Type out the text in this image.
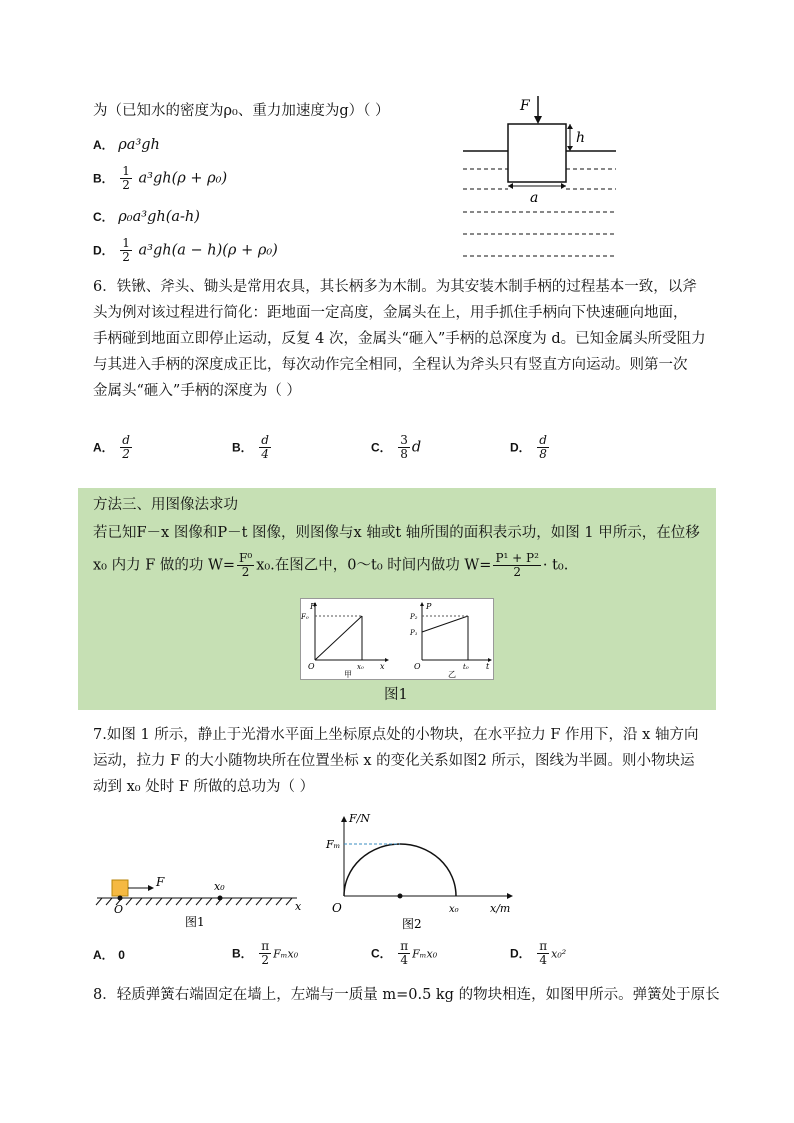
为（已知水的密度为ρ₀、重力加速度为g）（ ）
A． ρa³gh
B． $\frac{1}{2} a^3gh(\rho + \rho_0)$
C． ρ₀a³gh(a-h)
D． $\frac{1}{2} a^3gh(a - h)(\rho + \rho_0)$
F
h
a
6．铁锹、斧头、锄头是常用农具，其长柄多为木制。为其安装木制手柄的过程基本一致，以斧
头为例对该过程进行简化：距地面一定高度，金属头在上，用手抓住手柄向下快速砸向地面，
手柄碰到地面立即停止运动，反复 4 次，金属头“砸入”手柄的总深度为 d。已知金属头所受阻力
与其进入手柄的深度成正比，每次动作完全相同，全程认为斧头只有竖直方向运动。则第一次
金属头“砸入”手柄的深度为（ ）
A． $\frac{d}{2}$	B． $\frac{d}{4}$	C． $\frac{3}{8}$ d	D． $\frac{d}{8}$
方法三、用图像法求功
若已知F－x 图像和P－t 图像，则图像与x 轴或t 轴所围的面积表示功，如图 1 甲所示，在位移
x₀ 内力 F 做的功 $W= \frac{\text{F⁰}}{2} x_0$.在图乙中，0～t₀ 时间内做功 $W= \frac{\text{P¹ + P²}}{2} \cdot t_0$.
F
F₀
O	x₀ x
甲
P
P₂
P₁
O	t₀ t
乙
图1
7.如图 1 所示，静止于光滑水平面上坐标原点处的小物块，在水平拉力 F 作用下，沿 x 轴方向
运动，拉力 F 的大小随物块所在位置坐标 x 的变化关系如图2 所示，图线为半圆。则小物块运
动到 x₀ 处时 F 所做的总功为（ ）
F	x₀
O	x
图1
F/N
Fₘ
O	x₀	x/m
图2
A． 0	B． $\frac{\pi}{2} F_mx_0$	C． $\frac{\pi}{4} F_mx_0$	D． $\frac{\pi}{4} x_0^2$
8．轻质弹簧右端固定在墙上，左端与一质量 m=0.5 kg 的物块相连，如图甲所示。弹簧处于原长
